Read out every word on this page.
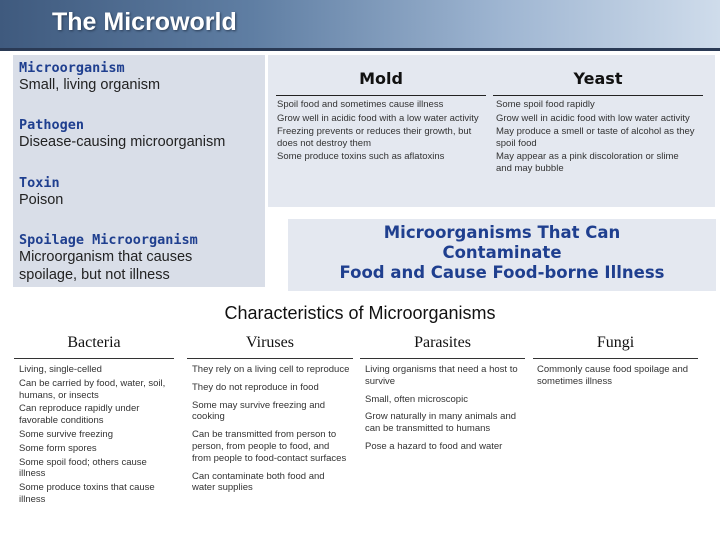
The Microworld
Microorganism
Small, living organism
Pathogen
Disease-causing microorganism
Toxin
Poison
Spoilage Microorganism
Microorganism that causes spoilage, but not illness
Mold
Spoil food and sometimes cause illness
Grow well in acidic food with a low water activity
Freezing prevents or reduces their growth, but does not destroy them
Some produce toxins such as aflatoxins
Yeast
Some spoil food rapidly
Grow well in acidic food with low water activity
May produce a smell or taste of alcohol as they spoil food
May appear as a pink discoloration or slime and may bubble
Microorganisms That Can
Contaminate
Food and Cause Food-borne Illness
Characteristics of Microorganisms
Bacteria
Living, single-celled
Can be carried by food, water, soil, humans, or insects
Can reproduce rapidly under favorable conditions
Some survive freezing
Some form spores
Some spoil food; others cause illness
Some produce toxins that cause illness
Viruses
They rely on a living cell to reproduce
They do not reproduce in food
Some may survive freezing and cooking
Can be transmitted from person to person, from people to food, and from people to food-contact surfaces
Can contaminate both food and water supplies
Parasites
Living organisms that need a host to survive
Small, often microscopic
Grow naturally in many animals and can be transmitted to humans
Pose a hazard to food and water
Fungi
Commonly cause food spoilage and sometimes illness
